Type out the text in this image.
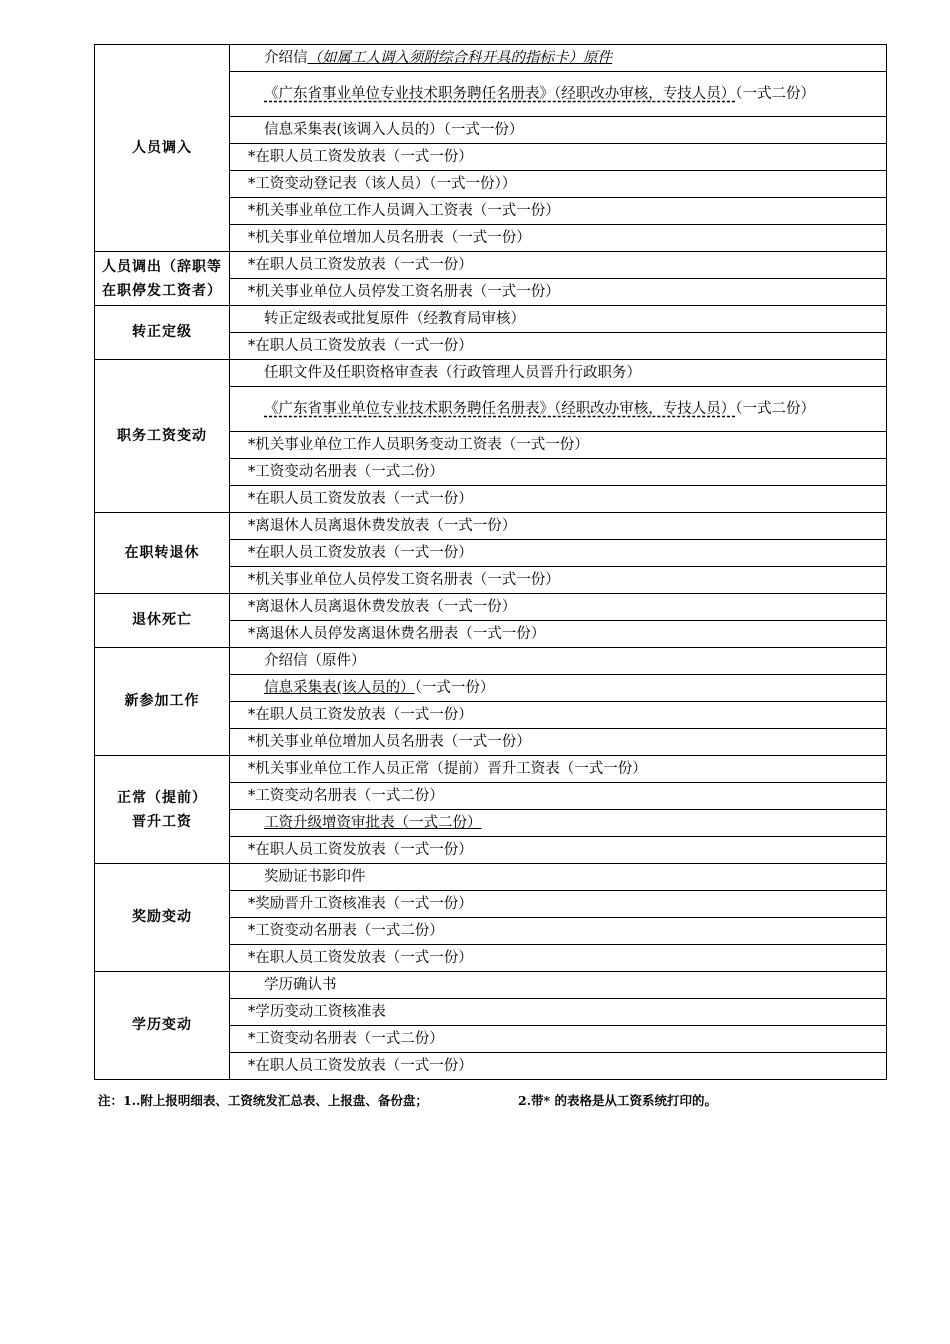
人员调入	介绍信（如属工人调入须附综合科开具的指标卡）原件
	《广东省事业单位专业技术职务聘任名册表》（经职改办审核，专技人员）（一式二份）
	信息采集表(该调入人员的）（一式一份）
	*在职人员工资发放表（一式一份）
	*工资变动登记表（该人员）（一式一份））
	*机关事业单位工作人员调入工资表（一式一份）
	*机关事业单位增加人员名册表（一式一份）
人员调出（辞职等在职停发工资者）	*在职人员工资发放表（一式一份）
	*机关事业单位人员停发工资名册表（一式一份）
转正定级	转正定级表或批复原件（经教育局审核）
	*在职人员工资发放表（一式一份）
职务工资变动	任职文件及任职资格审查表（行政管理人员晋升行政职务）
	《广东省事业单位专业技术职务聘任名册表》（经职改办审核，专技人员）（一式二份）
	*机关事业单位工作人员职务变动工资表（一式一份）
	*工资变动名册表（一式二份）
	*在职人员工资发放表（一式一份）
在职转退休	*离退休人员离退休费发放表（一式一份）
	*在职人员工资发放表（一式一份）
	*机关事业单位人员停发工资名册表（一式一份）
退休死亡	*离退休人员离退休费发放表（一式一份）
	*离退休人员停发离退休费名册表（一式一份）
新参加工作	介绍信（原件）
	信息采集表(该人员的）（一式一份）
	*在职人员工资发放表（一式一份）
	*机关事业单位增加人员名册表（一式一份）
正常（提前）晋升工资	*机关事业单位工作人员正常（提前）晋升工资表（一式一份）
	*工资变动名册表（一式二份）
	工资升级增资审批表（一式二份）
	*在职人员工资发放表（一式一份）
奖励变动	奖励证书影印件
	*奖励晋升工资核准表（一式一份）
	*工资变动名册表（一式二份）
	*在职人员工资发放表（一式一份）
学历变动	学历确认书
	*学历变动工资核准表
	*工资变动名册表（一式二份）
	*在职人员工资发放表（一式一份）
注：1..附上报明细表、工资统发汇总表、上报盘、备份盘；	2.带* 的表格是从工资系统打印的。
